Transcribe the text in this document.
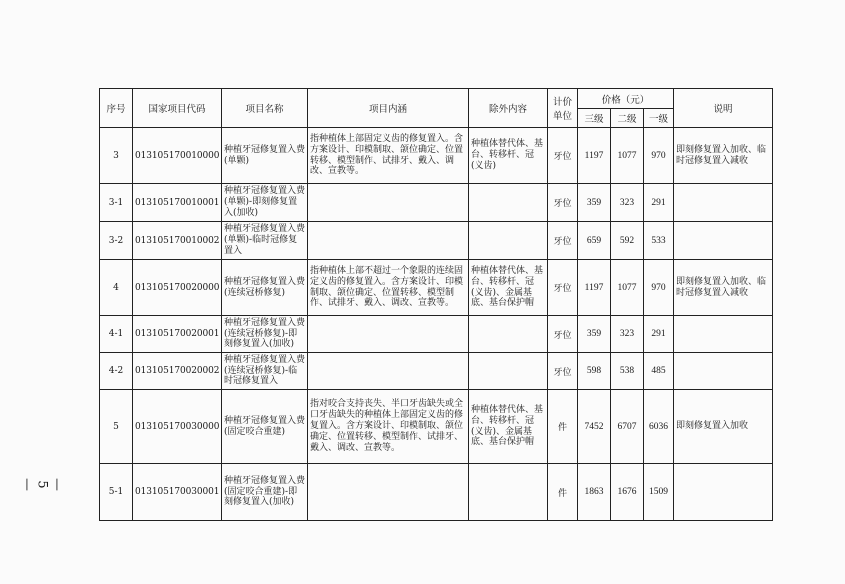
序号	国家项目代码	项目名称	项目内涵	除外内容	计价单位	价格（元）			说明
						三级	二级	一级	
3	013105170010000	种植牙冠修复置入费(单颗)	指种植体上部固定义齿的修复置入。含方案设计、印模制取、颌位确定、位置转移、模型制作、试排牙、戴入、调改、宣教等。	种植体替代体、基台、转移杆、冠(义齿)	牙位	1197	1077	970	即刻修复置入加收、临时冠修复置入减收
3-1	013105170010001	种植牙冠修复置入费(单颗)-即刻修复置入(加收)			牙位	359	323	291	
3-2	013105170010002	种植牙冠修复置入费(单颗)-临时冠修复置入			牙位	659	592	533	
4	013105170020000	种植牙冠修复置入费(连续冠桥修复)	指种植体上部不超过一个象限的连续固定义齿的修复置入。含方案设计、印模制取、颌位确定、位置转移、模型制作、试排牙、戴入、调改、宣教等。	种植体替代体、基台、转移杆、冠(义齿)、金属基底、基台保护帽	牙位	1197	1077	970	即刻修复置入加收、临时冠修复置入减收
4-1	013105170020001	种植牙冠修复置入费(连续冠桥修复)-即刻修复置入(加收)			牙位	359	323	291	
4-2	013105170020002	种植牙冠修复置入费(连续冠桥修复)-临时冠修复置入			牙位	598	538	485	
5	013105170030000	种植牙冠修复置入费(固定咬合重建)	指对咬合支持丧失、半口牙齿缺失或全口牙齿缺失的种植体上部固定义齿的修复置入。含方案设计、印模制取、颌位确定、位置转移、模型制作、试排牙、戴入、调改、宣教等。	种植体替代体、基台、转移杆、冠(义齿)、金属基底、基台保护帽	件	7452	6707	6036	即刻修复置入加收
5-1	013105170030001	种植牙冠修复置入费(固定咬合重建)-即刻修复置入(加收)			件	1863	1676	1509	
— 5 —
